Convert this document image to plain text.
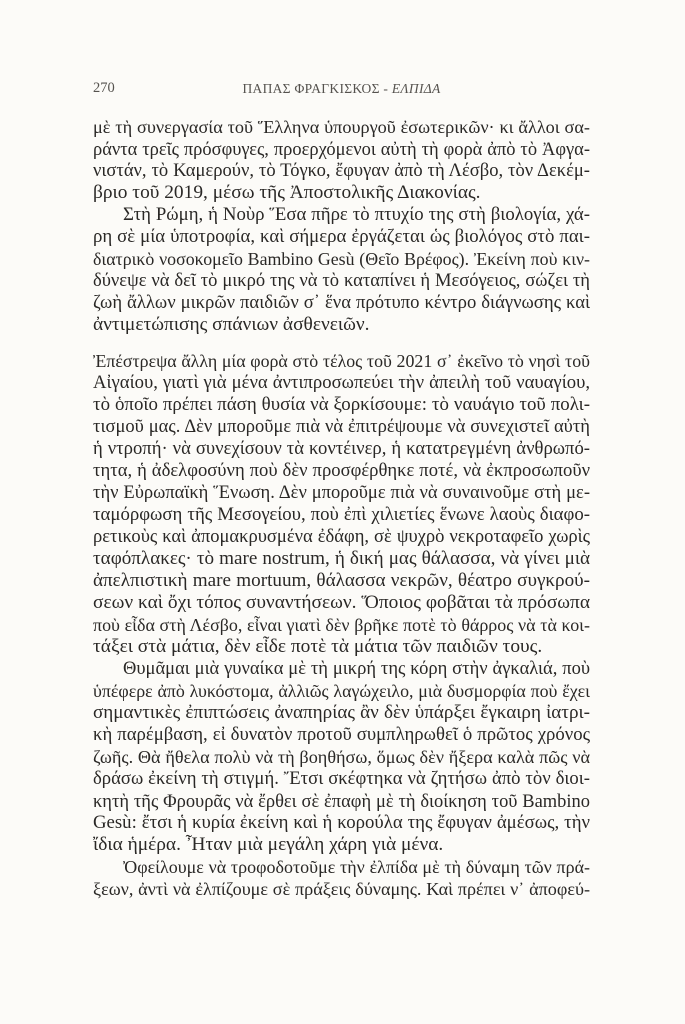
270	ΠΑΠΑΣ ΦΡΑΓΚΙΣΚΟΣ - ΕΛΠΙΔΑ
μὲ τὴ συνεργασία τοῦ Ἕλληνα ὑπουργοῦ ἐσωτερικῶν· κι ἄλλοι σα-
ράντα τρεῖς πρόσφυγες, προερχόμενοι αὐτὴ τὴ φορὰ ἀπὸ τὸ Ἀφγα-
νιστάν, τὸ Καμερούν, τὸ Τόγκο, ἔφυγαν ἀπὸ τὴ Λέσβο, τὸν Δεκέμ-
βριο τοῦ 2019, μέσω τῆς Ἀποστολικῆς Διακονίας.
Στὴ Ρώμη, ἡ Νοὺρ Ἕσα πῆρε τὸ πτυχίο της στὴ βιολογία, χά-
ρη σὲ μία ὑποτροφία, καὶ σήμερα ἐργάζεται ὡς βιολόγος στὸ παι-
διατρικὸ νοσοκομεῖο Bambino Gesù (Θεῖο Βρέφος). Ἐκείνη ποὺ κιν-
δύνεψε νὰ δεῖ τὸ μικρό της νὰ τὸ καταπίνει ἡ Μεσόγειος, σώζει τὴ
ζωὴ ἄλλων μικρῶν παιδιῶν σ᾿ ἕνα πρότυπο κέντρο διάγνωσης καὶ
ἀντιμετώπισης σπάνιων ἀσθενειῶν.
Ἐπέστρεψα ἄλλη μία φορὰ στὸ τέλος τοῦ 2021 σ᾿ ἐκεῖνο τὸ νησὶ τοῦ
Αἰγαίου, γιατὶ γιὰ μένα ἀντιπροσωπεύει τὴν ἀπειλὴ τοῦ ναυαγίου,
τὸ ὁποῖο πρέπει πάση θυσία νὰ ξορκίσουμε: τὸ ναυάγιο τοῦ πολι-
τισμοῦ μας. Δὲν μποροῦμε πιὰ νὰ ἐπιτρέψουμε νὰ συνεχιστεῖ αὐτὴ
ἡ ντροπή· νὰ συνεχίσουν τὰ κοντέινερ, ἡ κατατρεγμένη ἀνθρωπό-
τητα, ἡ ἀδελφοσύνη ποὺ δὲν προσφέρθηκε ποτέ, νὰ ἐκπροσωποῦν
τὴν Εὐρωπαϊκὴ Ἕνωση. Δὲν μποροῦμε πιὰ νὰ συναινοῦμε στὴ με-
ταμόρφωση τῆς Μεσογείου, ποὺ ἐπὶ χιλιετίες ἕνωνε λαοὺς διαφο-
ρετικοὺς καὶ ἀπομακρυσμένα ἐδάφη, σὲ ψυχρὸ νεκροταφεῖο χωρὶς
ταφόπλακες· τὸ mare nostrum, ἡ δική μας θάλασσα, νὰ γίνει μιὰ
ἀπελπιστικὴ mare mortuum, θάλασσα νεκρῶν, θέατρο συγκρού-
σεων καὶ ὄχι τόπος συναντήσεων. Ὅποιος φοβᾶται τὰ πρόσωπα
ποὺ εἶδα στὴ Λέσβο, εἶναι γιατὶ δὲν βρῆκε ποτὲ τὸ θάρρος νὰ τὰ κοι-
τάξει στὰ μάτια, δὲν εἶδε ποτὲ τὰ μάτια τῶν παιδιῶν τους.
Θυμᾶμαι μιὰ γυναίκα μὲ τὴ μικρή της κόρη στὴν ἀγκαλιά, ποὺ
ὑπέφερε ἀπὸ λυκόστομα, ἀλλιῶς λαγώχειλο, μιὰ δυσμορφία ποὺ ἔχει
σημαντικὲς ἐπιπτώσεις ἀναπηρίας ἂν δὲν ὑπάρξει ἔγκαιρη ἰατρι-
κὴ παρέμβαση, εἰ δυνατὸν προτοῦ συμπληρωθεῖ ὁ πρῶτος χρόνος
ζωῆς. Θὰ ἤθελα πολὺ νὰ τὴ βοηθήσω, ὅμως δὲν ἤξερα καλὰ πῶς νὰ
δράσω ἐκείνη τὴ στιγμή. Ἔτσι σκέφτηκα νὰ ζητήσω ἀπὸ τὸν διοι-
κητὴ τῆς Φρουρᾶς νὰ ἔρθει σὲ ἐπαφὴ μὲ τὴ διοίκηση τοῦ Bambino
Gesù: ἔτσι ἡ κυρία ἐκείνη καὶ ἡ κορούλα της ἔφυγαν ἀμέσως, τὴν
ἴδια ἡμέρα. Ἦταν μιὰ μεγάλη χάρη γιὰ μένα.
Ὀφείλουμε νὰ τροφοδοτοῦμε τὴν ἐλπίδα μὲ τὴ δύναμη τῶν πρά-
ξεων, ἀντὶ νὰ ἐλπίζουμε σὲ πράξεις δύναμης. Καὶ πρέπει ν᾿ ἀποφεύ-
